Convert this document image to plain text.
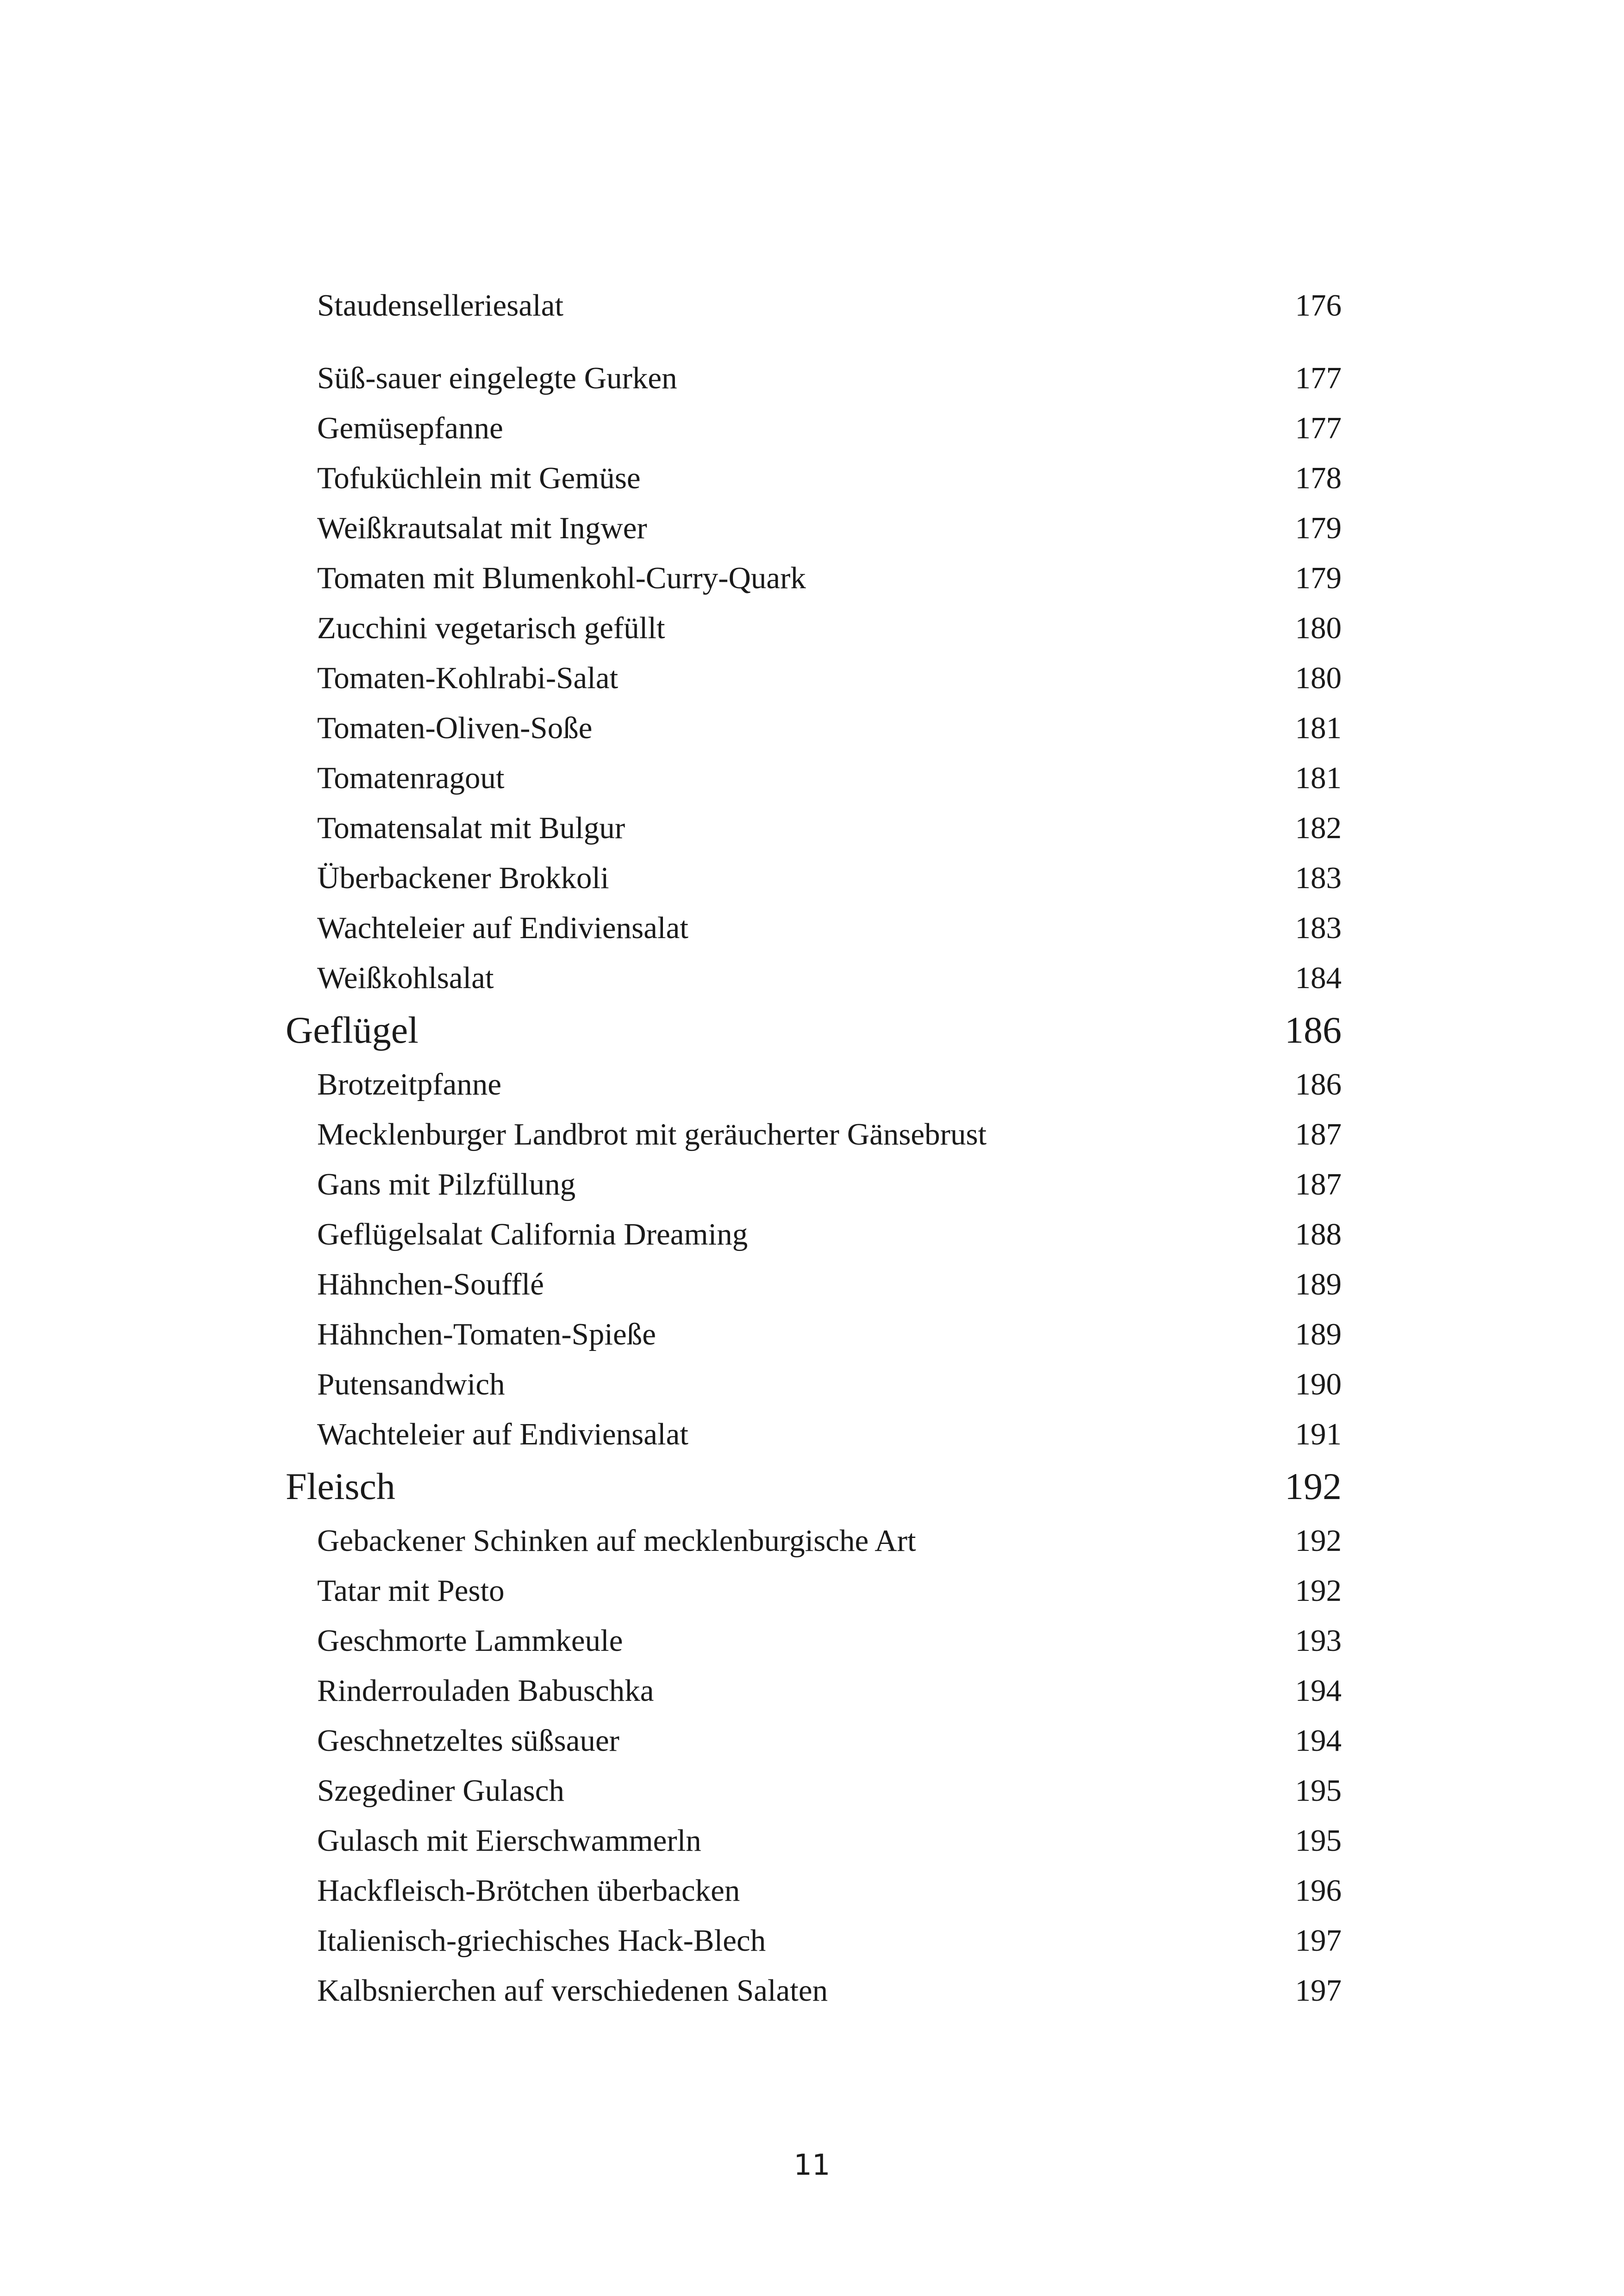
Staudenselleriesalat	176
Süß-sauer eingelegte Gurken	177
Gemüsepfanne	177
Tofuküchlein mit Gemüse	178
Weißkrautsalat mit Ingwer	179
Tomaten mit Blumenkohl-Curry-Quark	179
Zucchini vegetarisch gefüllt	180
Tomaten-Kohlrabi-Salat	180
Tomaten-Oliven-Soße	181
Tomatenragout	181
Tomatensalat mit Bulgur	182
Überbackener Brokkoli	183
Wachteleier auf Endiviensalat	183
Weißkohlsalat	184
Geflügel	186
Brotzeitpfanne	186
Mecklenburger Landbrot mit geräucherter Gänsebrust	187
Gans mit Pilzfüllung	187
Geflügelsalat California Dreaming	188
Hähnchen-Soufflé	189
Hähnchen-Tomaten-Spieße	189
Putensandwich	190
Wachteleier auf Endiviensalat	191
Fleisch	192
Gebackener Schinken auf mecklenburgische Art	192
Tatar mit Pesto	192
Geschmorte Lammkeule	193
Rinderrouladen Babuschka	194
Geschnetzeltes süßsauer	194
Szegediner Gulasch	195
Gulasch mit Eierschwammerln	195
Hackfleisch-Brötchen überbacken	196
Italienisch-griechisches Hack-Blech	197
Kalbsnierchen auf verschiedenen Salaten	197
11
